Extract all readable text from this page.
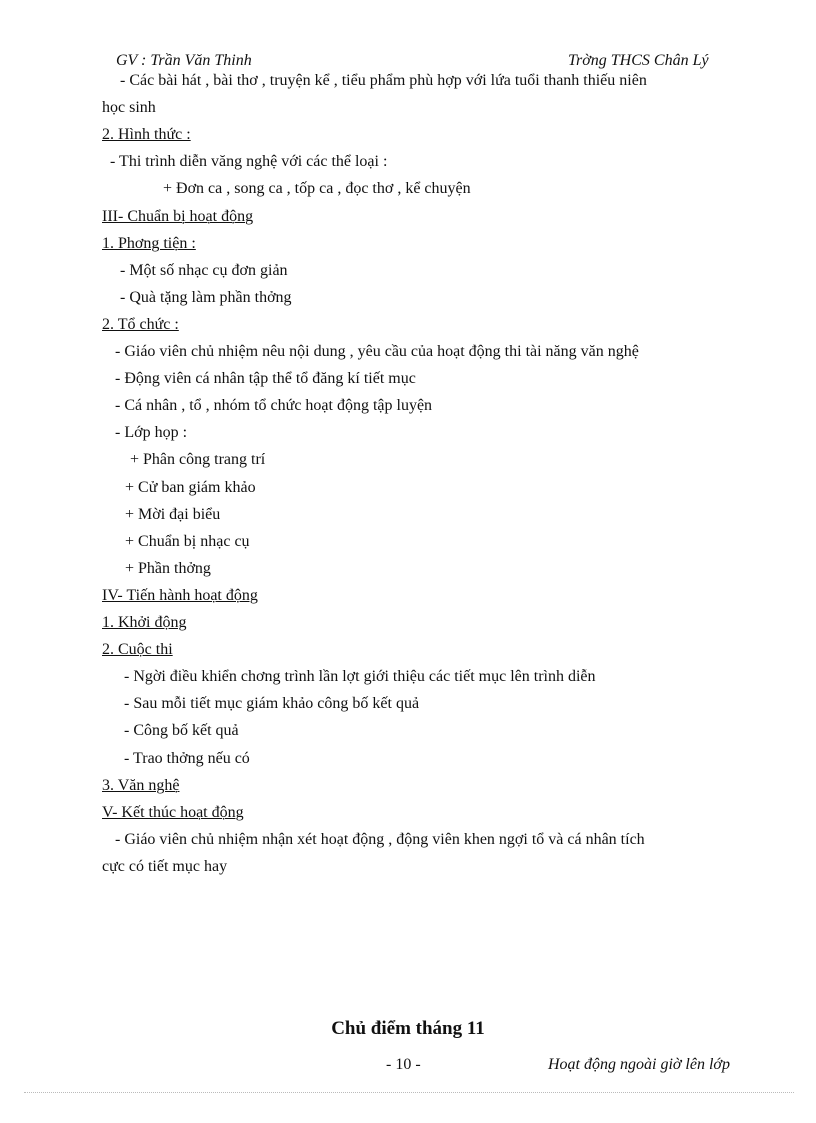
GV : Trần Văn Thinh	Trờng THCS Chân Lý
- Các bài hát , bài thơ , truyện kể , tiểu phẩm phù hợp với lứa tuổi thanh thiếu niên
học sinh
2. Hình thức :
- Thi trình diễn văng nghệ với các thể loại :
+ Đơn ca , song ca , tốp ca , đọc thơ , kể chuyện
III- Chuẩn bị hoạt động
1. Phơng tiện :
- Một số nhạc cụ đơn giản
- Quà tặng làm phần thởng
2. Tổ chức :
- Giáo viên chủ nhiệm nêu nội dung , yêu cầu của hoạt động thi tài năng văn nghệ
- Động viên cá nhân tập thể tổ đăng kí tiết mục
- Cá nhân , tổ , nhóm tổ chức hoạt động tập luyện
- Lớp họp :
+ Phân công trang trí
+ Cử ban giám khảo
+ Mời đại biểu
+ Chuẩn bị nhạc cụ
+ Phần thởng
IV- Tiến hành hoạt động
1. Khởi động
2. Cuộc thi
- Ngời điều khiển chơng trình lần lợt giới thiệu các tiết mục lên trình diễn
- Sau mỗi tiết mục giám khảo công bố kết quả
- Công bố kết quả
- Trao thởng nếu có
3. Văn nghệ
V- Kết thúc hoạt động
- Giáo viên chủ nhiệm nhận xét hoạt động , động viên khen ngợi tổ và cá nhân tích
cực có tiết mục hay
Chủ điểm tháng 11
- 10 -	Hoạt động ngoài giờ lên lớp
